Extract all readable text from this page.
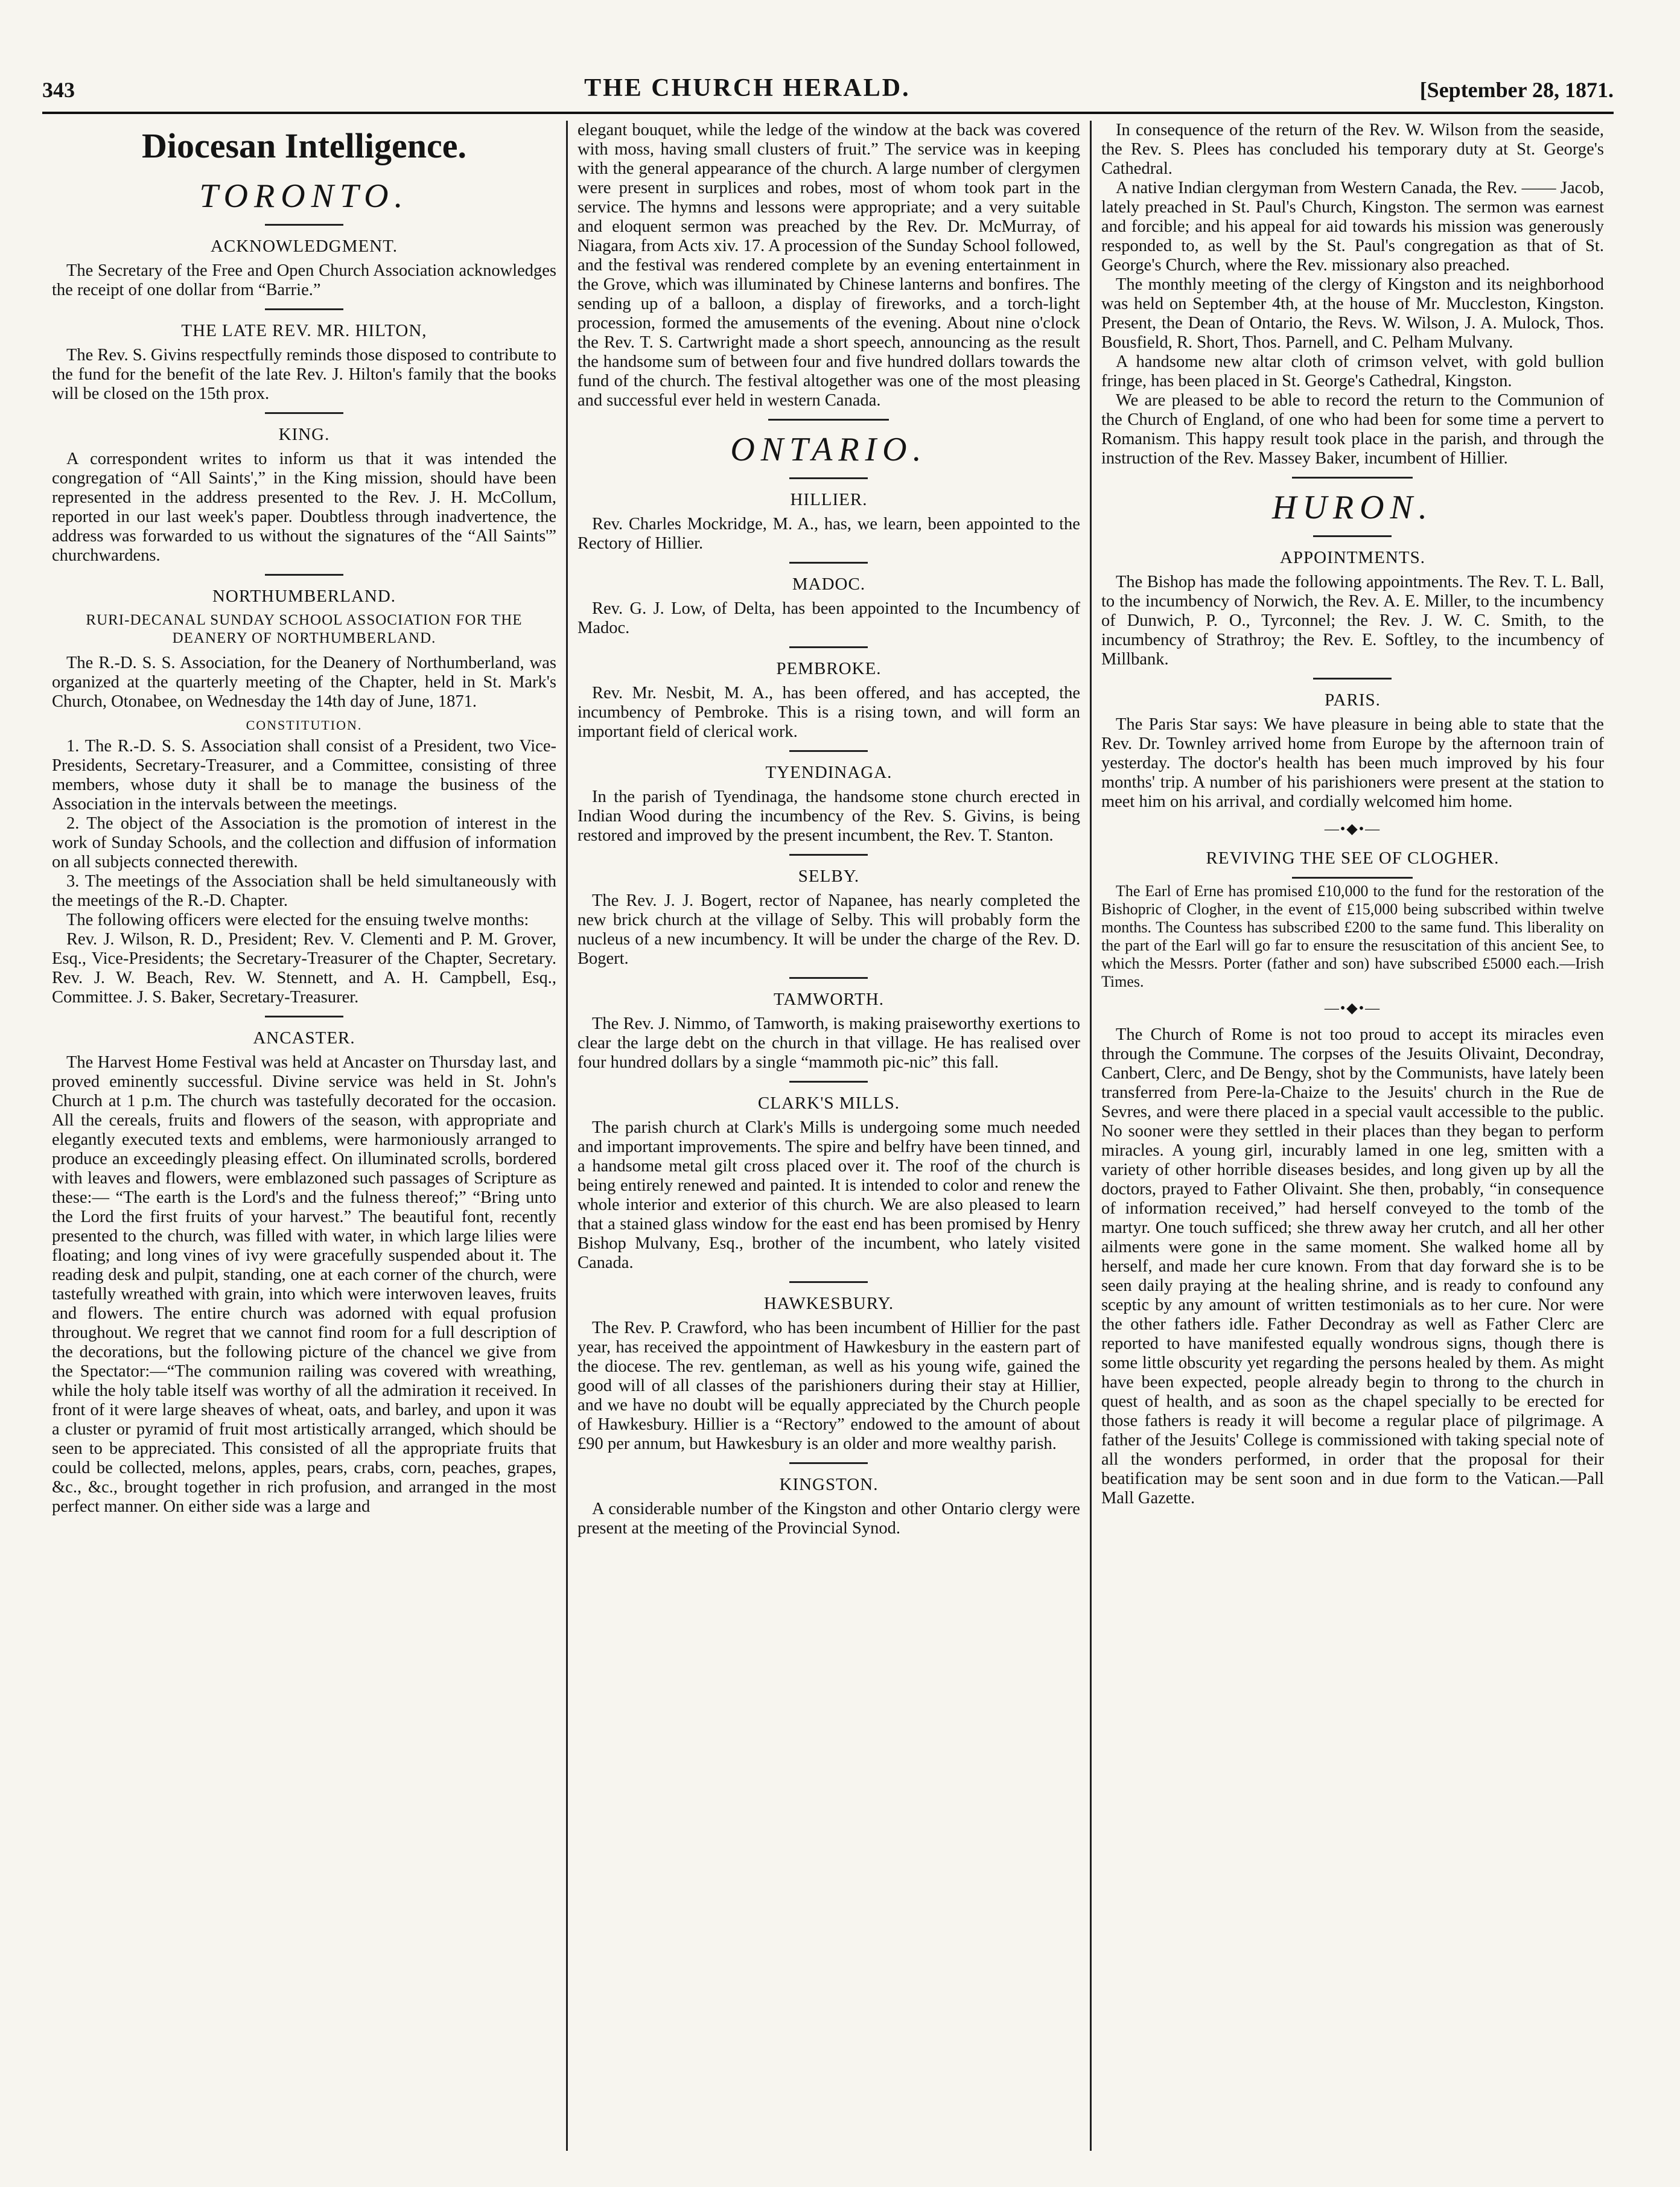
343	THE CHURCH HERALD.	[September 28, 1871.
Diocesan Intelligence.
TORONTO.
ACKNOWLEDGMENT.

The Secretary of the Free and Open Church Association acknowledges the receipt of one dollar from “Barrie.”

THE LATE REV. MR. HILTON,

The Rev. S. Givins respectfully reminds those disposed to contribute to the fund for the benefit of the late Rev. J. Hilton's family that the books will be closed on the 15th prox.

KING.

A correspondent writes to inform us that it was intended the congregation of “All Saints',” in the King mission, should have been represented in the address presented to the Rev. J. H. McCollum, reported in our last week's paper. Doubtless through inadvertence, the address was forwarded to us without the signatures of the “All Saints'” churchwardens.

NORTHUMBERLAND.
RURI-DECANAL SUNDAY SCHOOL ASSOCIATION FOR THE DEANERY OF NORTHUMBERLAND.

The R.-D. S. S. Association, for the Deanery of Northumberland, was organized at the quarterly meeting of the Chapter, held in St. Mark's Church, Otonabee, on Wednesday the 14th day of June, 1871.

CONSTITUTION.

1. The R.-D. S. S. Association shall consist of a President, two Vice-Presidents, Secretary-Treasurer, and a Committee, consisting of three members, whose duty it shall be to manage the business of the Association in the intervals between the meetings.

2. The object of the Association is the promotion of interest in the work of Sunday Schools, and the collection and diffusion of information on all subjects connected therewith.

3. The meetings of the Association shall be held simultaneously with the meetings of the R.-D. Chapter.

The following officers were elected for the ensuing twelve months:

Rev. J. Wilson, R. D., President; Rev. V. Clementi and P. M. Grover, Esq., Vice-Presidents; the Secretary-Treasurer of the Chapter, Secretary. Rev. J. W. Beach, Rev. W. Stennett, and A. H. Campbell, Esq., Committee. J. S. Baker, Secretary-Treasurer.

ANCASTER.

The Harvest Home Festival was held at Ancaster on Thursday last, and proved eminently successful. Divine service was held in St. John's Church at 1 p.m. The church was tastefully decorated for the occasion. All the cereals, fruits and flowers of the season, with appropriate and elegantly executed texts and emblems, were harmoniously arranged to produce an exceedingly pleasing effect. On illuminated scrolls, bordered with leaves and flowers, were emblazoned such passages of Scripture as these:— “The earth is the Lord's and the fulness thereof;” “Bring unto the Lord the first fruits of your harvest.” The beautiful font, recently presented to the church, was filled with water, in which large lilies were floating; and long vines of ivy were gracefully suspended about it. The reading desk and pulpit, standing, one at each corner of the church, were tastefully wreathed with grain, into which were interwoven leaves, fruits and flowers. The entire church was adorned with equal profusion throughout. We regret that we cannot find room for a full description of the decorations, but the following picture of the chancel we give from the Spectator:—“The communion railing was covered with wreathing, while the holy table itself was worthy of all the admiration it received. In front of it were large sheaves of wheat, oats, and barley, and upon it was a cluster or pyramid of fruit most artistically arranged, which should be seen to be appreciated. This consisted of all the appropriate fruits that could be collected, melons, apples, pears, crabs, corn, peaches, grapes, &c., &c., brought together in rich profusion, and arranged in the most perfect manner. On either side was a large and

elegant bouquet, while the ledge of the window at the back was covered with moss, having small clusters of fruit.” The service was in keeping with the general appearance of the church. A large number of clergymen were present in surplices and robes, most of whom took part in the service. The hymns and lessons were appropriate; and a very suitable and eloquent sermon was preached by the Rev. Dr. McMurray, of Niagara, from Acts xiv. 17. A procession of the Sunday School followed, and the festival was rendered complete by an evening entertainment in the Grove, which was illuminated by Chinese lanterns and bonfires. The sending up of a balloon, a display of fireworks, and a torch-light procession, formed the amusements of the evening. About nine o'clock the Rev. T. S. Cartwright made a short speech, announcing as the result the handsome sum of between four and five hundred dollars towards the fund of the church. The festival altogether was one of the most pleasing and successful ever held in western Canada.

ONTARIO.
HILLIER.

Rev. Charles Mockridge, M. A., has, we learn, been appointed to the Rectory of Hillier.

MADOC.

Rev. G. J. Low, of Delta, has been appointed to the Incumbency of Madoc.

PEMBROKE.

Rev. Mr. Nesbit, M. A., has been offered, and has accepted, the incumbency of Pembroke. This is a rising town, and will form an important field of clerical work.

TYENDINAGA.

In the parish of Tyendinaga, the handsome stone church erected in Indian Wood during the incumbency of the Rev. S. Givins, is being restored and improved by the present incumbent, the Rev. T. Stanton.

SELBY.

The Rev. J. J. Bogert, rector of Napanee, has nearly completed the new brick church at the village of Selby. This will probably form the nucleus of a new incumbency. It will be under the charge of the Rev. D. Bogert.

TAMWORTH.

The Rev. J. Nimmo, of Tamworth, is making praiseworthy exertions to clear the large debt on the church in that village. He has realised over four hundred dollars by a single “mammoth pic-nic” this fall.

CLARK'S MILLS.

The parish church at Clark's Mills is undergoing some much needed and important improvements. The spire and belfry have been tinned, and a handsome metal gilt cross placed over it. The roof of the church is being entirely renewed and painted. It is intended to color and renew the whole interior and exterior of this church. We are also pleased to learn that a stained glass window for the east end has been promised by Henry Bishop Mulvany, Esq., brother of the incumbent, who lately visited Canada.

HAWKESBURY.

The Rev. P. Crawford, who has been incumbent of Hillier for the past year, has received the appointment of Hawkesbury in the eastern part of the diocese. The rev. gentleman, as well as his young wife, gained the good will of all classes of the parishioners during their stay at Hillier, and we have no doubt will be equally appreciated by the Church people of Hawkesbury. Hillier is a “Rectory” endowed to the amount of about £90 per annum, but Hawkesbury is an older and more wealthy parish.

KINGSTON.

A considerable number of the Kingston and other Ontario clergy were present at the meeting of the Provincial Synod.

In consequence of the return of the Rev. W. Wilson from the seaside, the Rev. S. Plees has concluded his temporary duty at St. George's Cathedral.

A native Indian clergyman from Western Canada, the Rev. —— Jacob, lately preached in St. Paul's Church, Kingston. The sermon was earnest and forcible; and his appeal for aid towards his mission was generously responded to, as well by the St. Paul's congregation as that of St. George's Church, where the Rev. missionary also preached.

The monthly meeting of the clergy of Kingston and its neighborhood was held on September 4th, at the house of Mr. Muccleston, Kingston. Present, the Dean of Ontario, the Revs. W. Wilson, J. A. Mulock, Thos. Bousfield, R. Short, Thos. Parnell, and C. Pelham Mulvany.

A handsome new altar cloth of crimson velvet, with gold bullion fringe, has been placed in St. George's Cathedral, Kingston.

We are pleased to be able to record the return to the Communion of the Church of England, of one who had been for some time a pervert to Romanism. This happy result took place in the parish, and through the instruction of the Rev. Massey Baker, incumbent of Hillier.

HURON.
APPOINTMENTS.

The Bishop has made the following appointments. The Rev. T. L. Ball, to the incumbency of Norwich, the Rev. A. E. Miller, to the incumbency of Dunwich, P. O., Tyrconnel; the Rev. J. W. C. Smith, to the incumbency of Strathroy; the Rev. E. Softley, to the incumbency of Millbank.

PARIS.

The Paris Star says: We have pleasure in being able to state that the Rev. Dr. Townley arrived home from Europe by the afternoon train of yesterday. The doctor's health has been much improved by his four months' trip. A number of his parishioners were present at the station to meet him on his arrival, and cordially welcomed him home.

—•◆•—
REVIVING THE SEE OF CLOGHER.

The Earl of Erne has promised £10,000 to the fund for the restoration of the Bishopric of Clogher, in the event of £15,000 being subscribed within twelve months. The Countess has subscribed £200 to the same fund. This liberality on the part of the Earl will go far to ensure the resuscitation of this ancient See, to which the Messrs. Porter (father and son) have subscribed £5000 each.—Irish Times.

—•◆•—

The Church of Rome is not too proud to accept its miracles even through the Commune. The corpses of the Jesuits Olivaint, Decondray, Canbert, Clerc, and De Bengy, shot by the Communists, have lately been transferred from Pere-la-Chaize to the Jesuits' church in the Rue de Sevres, and were there placed in a special vault accessible to the public. No sooner were they settled in their places than they began to perform miracles. A young girl, incurably lamed in one leg, smitten with a variety of other horrible diseases besides, and long given up by all the doctors, prayed to Father Olivaint. She then, probably, “in consequence of information received,” had herself conveyed to the tomb of the martyr. One touch sufficed; she threw away her crutch, and all her other ailments were gone in the same moment. She walked home all by herself, and made her cure known. From that day forward she is to be seen daily praying at the healing shrine, and is ready to confound any sceptic by any amount of written testimonials as to her cure. Nor were the other fathers idle. Father Decondray as well as Father Clerc are reported to have manifested equally wondrous signs, though there is some little obscurity yet regarding the persons healed by them. As might have been expected, people already begin to throng to the church in quest of health, and as soon as the chapel specially to be erected for those fathers is ready it will become a regular place of pilgrimage. A father of the Jesuits' College is commissioned with taking special note of all the wonders performed, in order that the proposal for their beatification may be sent soon and in due form to the Vatican.—Pall Mall Gazette.
